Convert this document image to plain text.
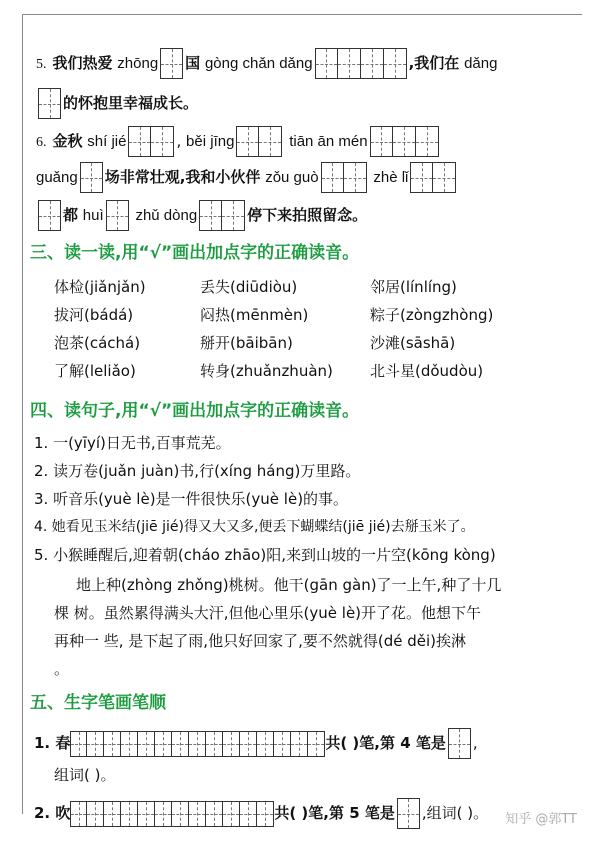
5. 我们热爱 zhōng 国 gòng chǎn dǎng	,我们在 dǎng
的怀抱里幸福成长。
6. 金秋 shí jié	, běi jīng	tiān ān mén
guǎng 场非常壮观,我和小伙伴 zǒu guò	zhè lǐ
都 huì zhǔ dòng	停下来拍照留念。
三、读一读,用“√”画出加点字的正确读音。
体检(jiǎnjǎn)	丢失(diūdiòu)	邻居(línlíng)
拔河(bádá)	闷热(mēnmèn)	粽子(zòngzhòng)
泡茶(cáchá)	掰开(bāibān)	沙滩(sāshā)
了解(leliǎo)	转身(zhuǎnzhuàn) 北斗星(dǒudòu)
四、读句子,用“√”画出加点字的正确读音。
1. 一(yīyí)日无书,百事荒芜。
2. 读万卷(juǎn juàn)书,行(xíng háng)万里路。
3. 听音乐(yuè lè)是一件很快乐(yuè lè)的事。
4. 她看见玉米结(jiē jié)得又大又多,便丢下蝴蝶结(jiē jié)去掰玉米了。
5. 小猴睡醒后,迎着朝(cháo zhāo)阳,来到山坡的一片空(kōng kòng)
地上种(zhòng zhǒng)桃树。他干(gān gàn)了一上午,种了十几
棵 树。虽然累得满头大汗,但他心里乐(yuè lè)开了花。他想下午
再种一 些, 是下起了雨,他只好回家了,要不然就得(dé děi)挨淋
。
五、生字笔画笔顺
1. 春	共( )笔,第 4 笔是 ,
组词( )。
2. 吹	共( )笔,第 5 笔是 ,组词( )。 知乎 @郭TT
